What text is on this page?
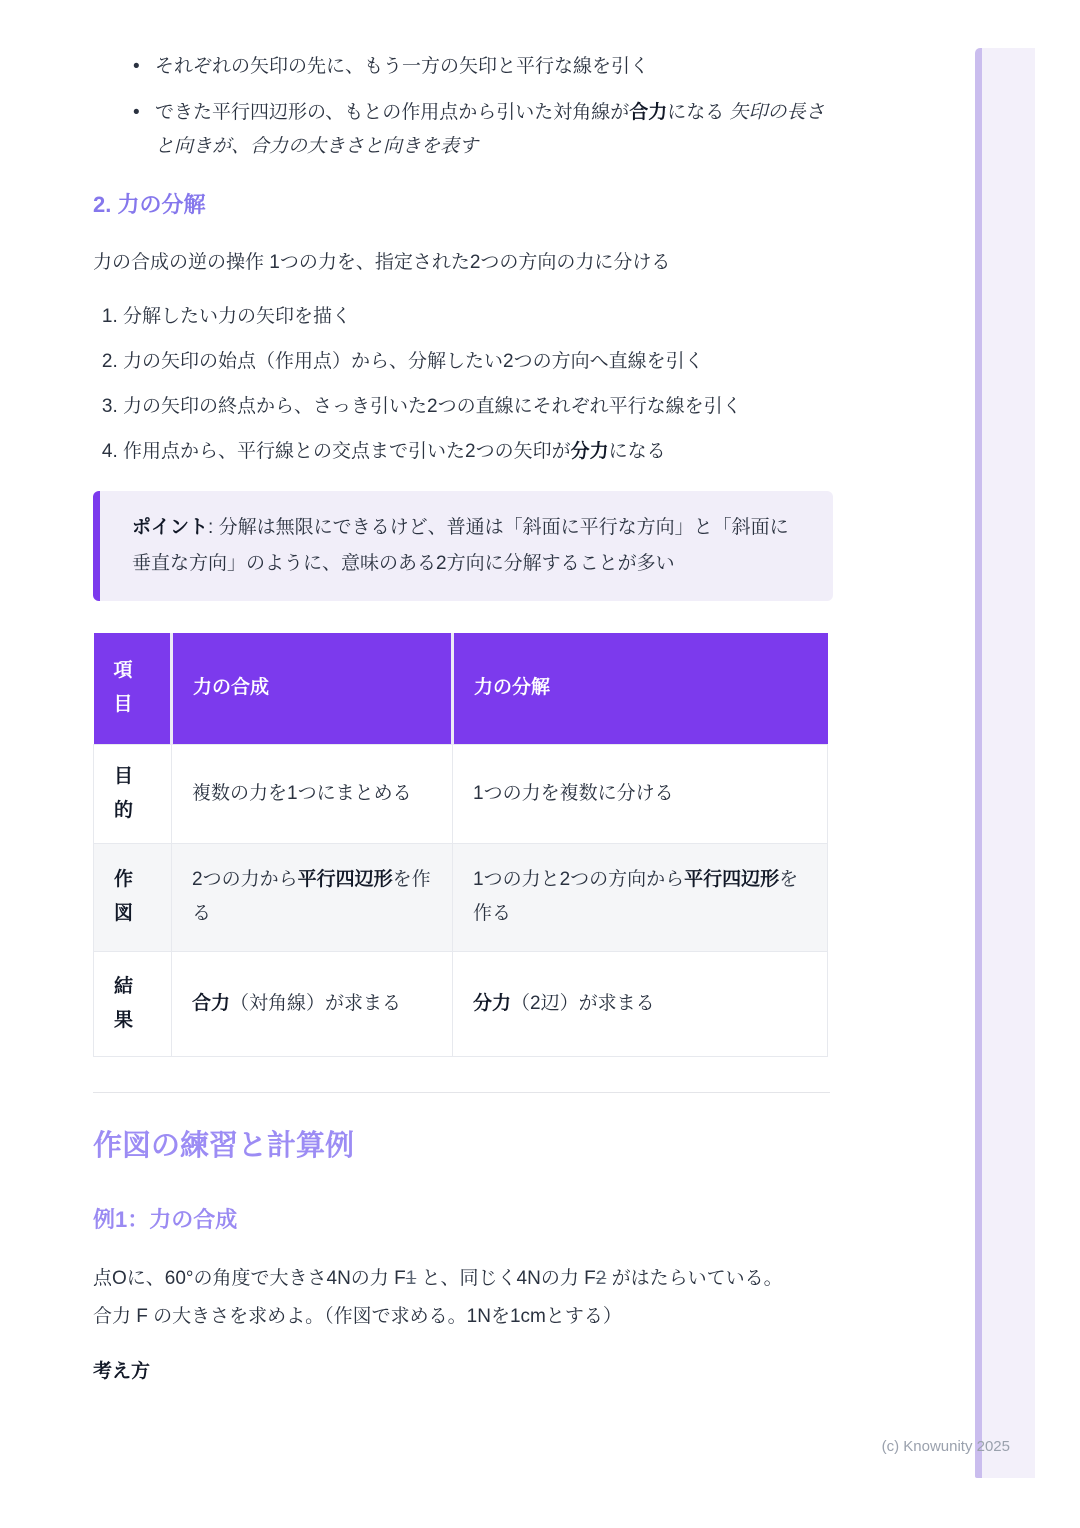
• それぞれの矢印の先に、もう一方の矢印と平行な線を引く
• できた平行四辺形の、もとの作用点から引いた対角線が合力になる 矢印の長さと向きが、合力の大きさと向きを表す
2. 力の分解

力の合成の逆の操作 1つの力を、指定された2つの方向の力に分ける

1. 分解したい力の矢印を描く
2. 力の矢印の始点（作用点）から、分解したい2つの方向へ直線を引く
3. 力の矢印の終点から、さっき引いた2つの直線にそれぞれ平行な線を引く
4. 作用点から、平行線との交点まで引いた2つの矢印が分力になる

ポイント: 分解は無限にできるけど、普通は「斜面に平行な方向」と「斜面に垂直な方向」のように、意味のある2方向に分解することが多い

項目	力の合成	力の分解
目的	複数の力を1つにまとめる	1つの力を複数に分ける
作図	2つの力から平行四辺形を作る	1つの力と2つの方向から平行四辺形を作る
結果	合力（対角線）が求まる	分力（2辺）が求まる
作図の練習と計算例
例1：力の合成

点Oに、60°の角度で大きさ4Nの力 F1 と、同じく4Nの力 F2 がはたらいている。
合力 F の大きさを求めよ。（作図で求める。1Nを1cmとする）

考え方

(c) Knowunity 2025
